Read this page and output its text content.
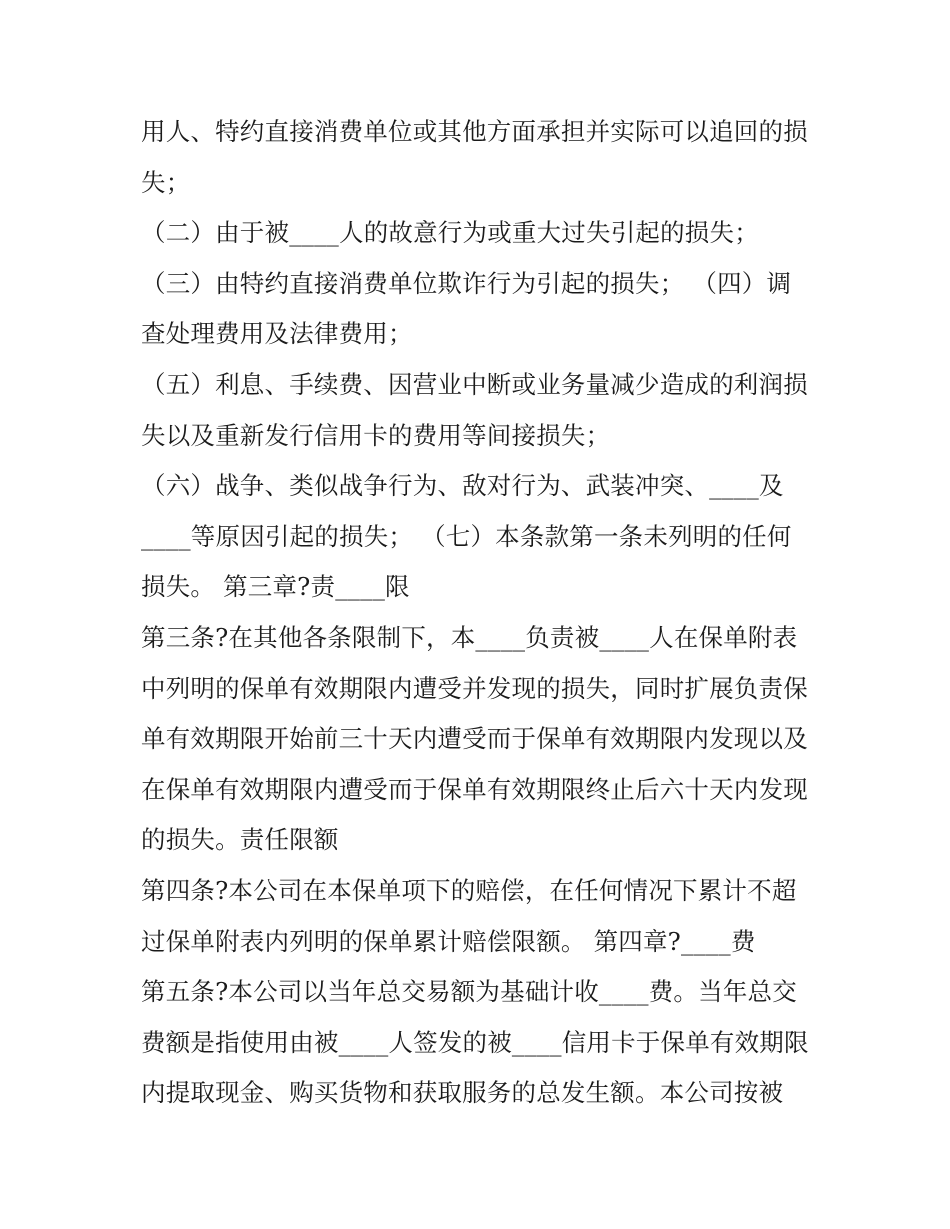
用人、特约直接消费单位或其他方面承担并实际可以追回的损
失；
（二）由于被____人的故意行为或重大过失引起的损失；
（三）由特约直接消费单位欺诈行为引起的损失； （四）调
查处理费用及法律费用；
（五）利息、手续费、因营业中断或业务量减少造成的利润损
失以及重新发行信用卡的费用等间接损失；
（六）战争、类似战争行为、敌对行为、武装冲突、____及
____等原因引起的损失； （七）本条款第一条未列明的任何
损失。 第三章?责____限
第三条?在其他各条限制下，本____负责被____人在保单附表
中列明的保单有效期限内遭受并发现的损失，同时扩展负责保
单有效期限开始前三十天内遭受而于保单有效期限内发现以及
在保单有效期限内遭受而于保单有效期限终止后六十天内发现
的损失。责任限额
第四条?本公司在本保单项下的赔偿，在任何情况下累计不超
过保单附表内列明的保单累计赔偿限额。 第四章?____费
第五条?本公司以当年总交易额为基础计收____费。当年总交
费额是指使用由被____人签发的被____信用卡于保单有效期限
内提取现金、购买货物和获取服务的总发生额。本公司按被
